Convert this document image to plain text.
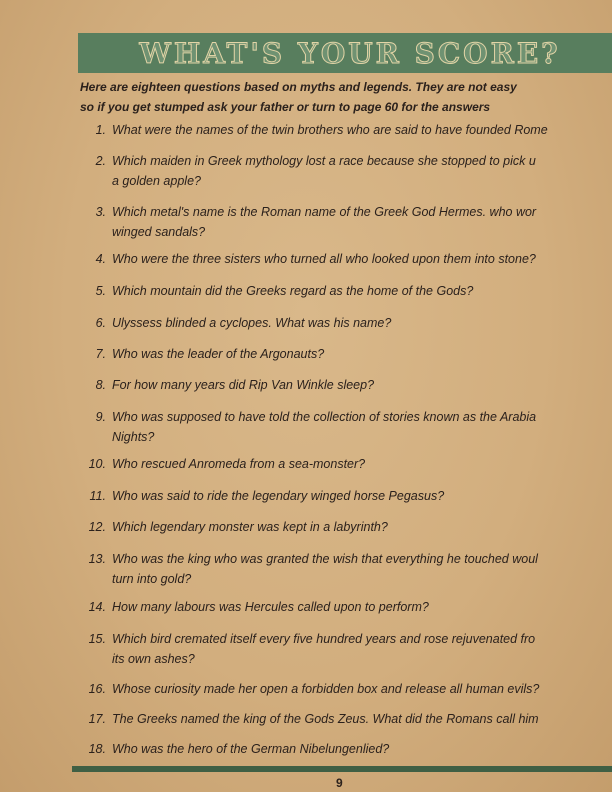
WHAT'S YOUR SCORE?
Here are eighteen questions based on myths and legends. They are not easy
so if you get stumped ask your father or turn to page 60 for the answers
1. What were the names of the twin brothers who are said to have founded Rome
2. Which maiden in Greek mythology lost a race because she stopped to pick u
a golden apple?
3. Which metal's name is the Roman name of the Greek God Hermes. who wor
winged sandals?
4. Who were the three sisters who turned all who looked upon them into stone?
5. Which mountain did the Greeks regard as the home of the Gods?
6. Ulyssess blinded a cyclopes. What was his name?
7. Who was the leader of the Argonauts?
8. For how many years did Rip Van Winkle sleep?
9. Who was supposed to have told the collection of stories known as the Arabia
Nights?
10. Who rescued Anromeda from a sea-monster?
11. Who was said to ride the legendary winged horse Pegasus?
12. Which legendary monster was kept in a labyrinth?
13. Who was the king who was granted the wish that everything he touched woul
turn into gold?
14. How many labours was Hercules called upon to perform?
15. Which bird cremated itself every five hundred years and rose rejuvenated fro
its own ashes?
16. Whose curiosity made her open a forbidden box and release all human evils?
17. The Greeks named the king of the Gods Zeus. What did the Romans call him
18. Who was the hero of the German Nibelungenlied?
9
